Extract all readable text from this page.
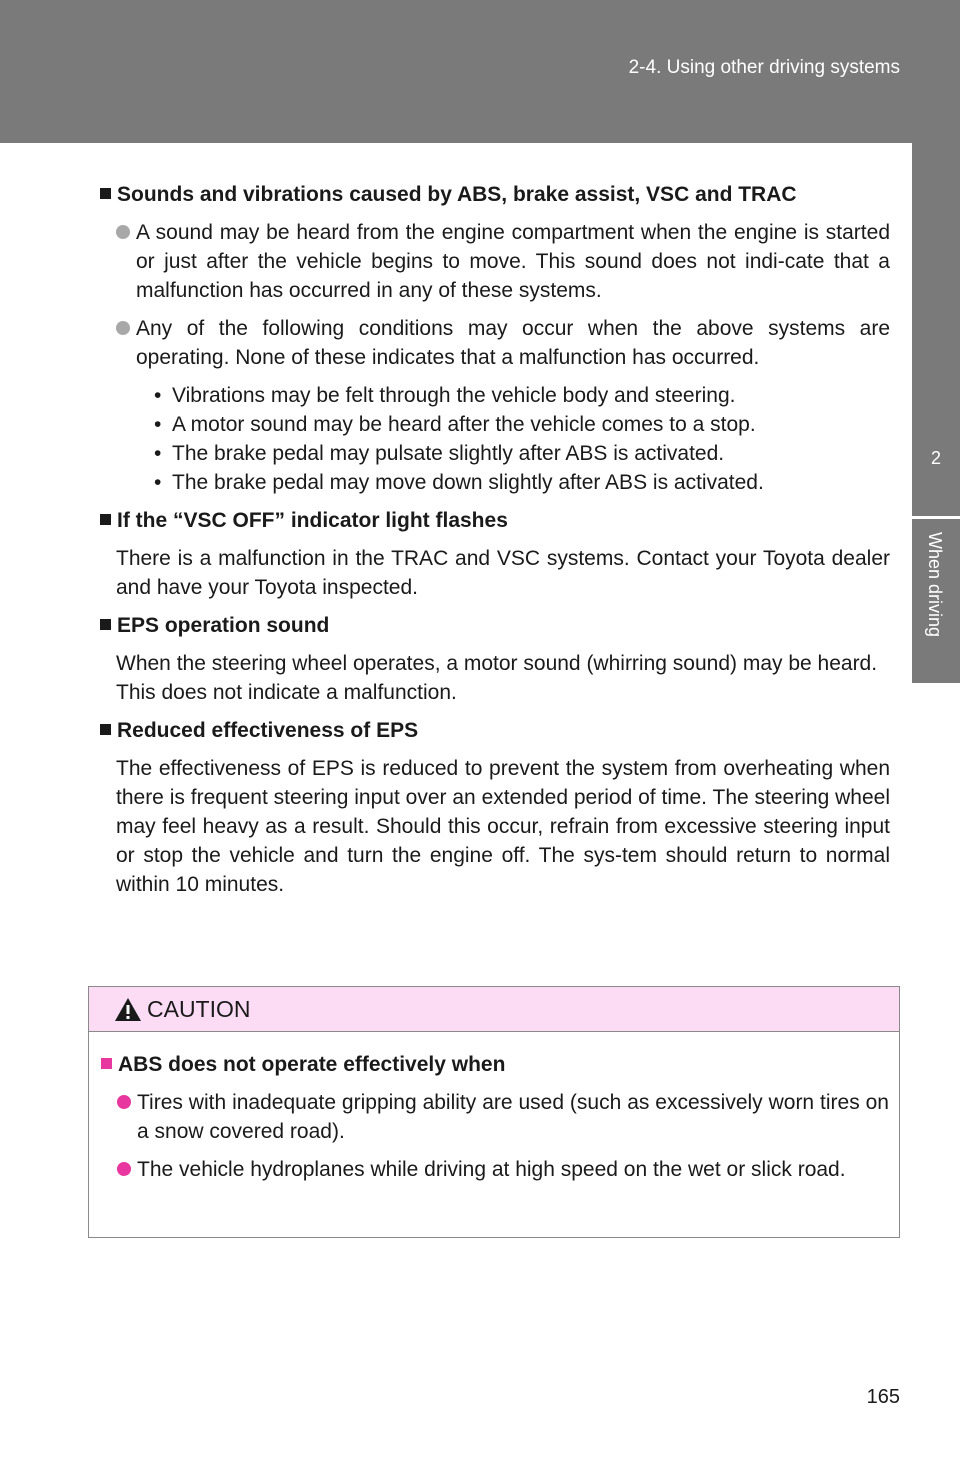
2-4. Using other driving systems
2
When driving
Sounds and vibrations caused by ABS, brake assist, VSC and TRAC
A sound may be heard from the engine compartment when the engine is started or just after the vehicle begins to move. This sound does not indi-cate that a malfunction has occurred in any of these systems.
Any of the following conditions may occur when the above systems are operating. None of these indicates that a malfunction has occurred.
• Vibrations may be felt through the vehicle body and steering.
• A motor sound may be heard after the vehicle comes to a stop.
• The brake pedal may pulsate slightly after ABS is activated.
• The brake pedal may move down slightly after ABS is activated.
If the “VSC OFF” indicator light flashes
There is a malfunction in the TRAC and VSC systems. Contact your Toyota dealer and have your Toyota inspected.
EPS operation sound
When the steering wheel operates, a motor sound (whirring sound) may be heard.
This does not indicate a malfunction.
Reduced effectiveness of EPS
The effectiveness of EPS is reduced to prevent the system from overheating when there is frequent steering input over an extended period of time. The steering wheel may feel heavy as a result. Should this occur, refrain from excessive steering input or stop the vehicle and turn the engine off. The sys-tem should return to normal within 10 minutes.
CAUTION
ABS does not operate effectively when
Tires with inadequate gripping ability are used (such as excessively worn tires on a snow covered road).
The vehicle hydroplanes while driving at high speed on the wet or slick road.
165
